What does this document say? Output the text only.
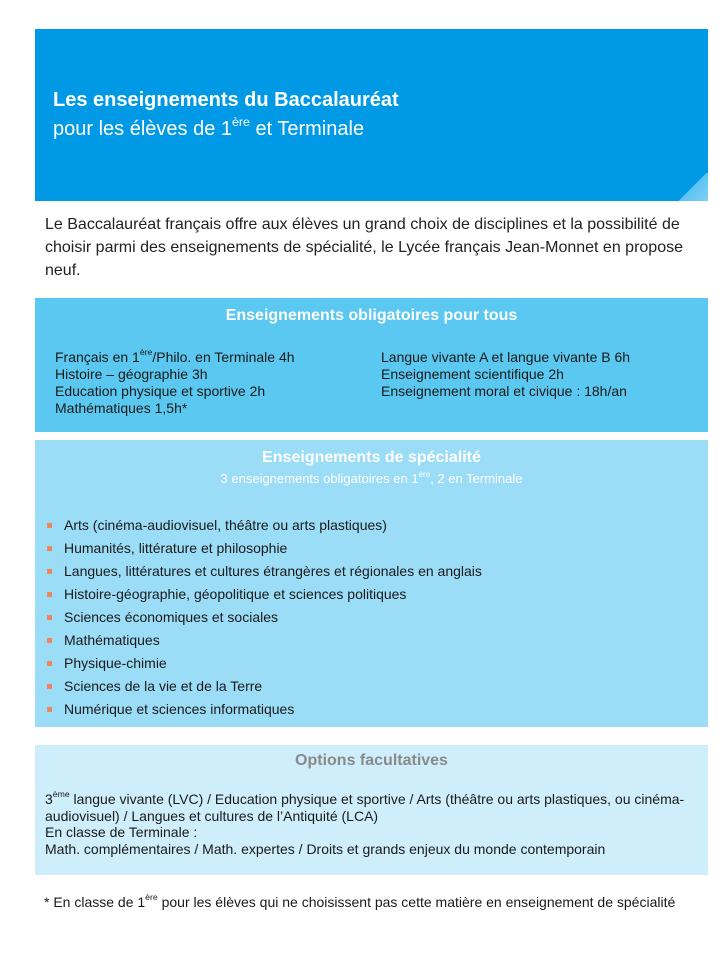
Les enseignements du Baccalauréat
pour les élèves de 1ère et Terminale
Le Baccalauréat français offre aux élèves un grand choix de disciplines et la possibilité de choisir parmi des enseignements de spécialité, le Lycée français Jean-Monnet en propose neuf.
Enseignements obligatoires pour tous
Français en 1ère/Philo. en Terminale 4h
Histoire – géographie 3h
Education physique et sportive 2h
Mathématiques 1,5h*
Langue vivante A et langue vivante B 6h
Enseignement scientifique 2h
Enseignement moral et civique : 18h/an
Enseignements de spécialité
3 enseignements obligatoires en 1ère, 2 en Terminale
Arts (cinéma-audiovisuel, théâtre ou arts plastiques)
Humanités, littérature et philosophie
Langues, littératures et cultures étrangères et régionales en anglais
Histoire-géographie, géopolitique et sciences politiques
Sciences économiques et sociales
Mathématiques
Physique-chimie
Sciences de la vie et de la Terre
Numérique et sciences informatiques
Options facultatives
3ème langue vivante (LVC) / Education physique et sportive / Arts (théâtre ou arts plastiques, ou cinéma-audiovisuel) / Langues et cultures de l’Antiquité (LCA)
En classe de Terminale :
Math. complémentaires / Math. expertes / Droits et grands enjeux du monde contemporain
* En classe de 1ère pour les élèves qui ne choisissent pas cette matière en enseignement de spécialité
